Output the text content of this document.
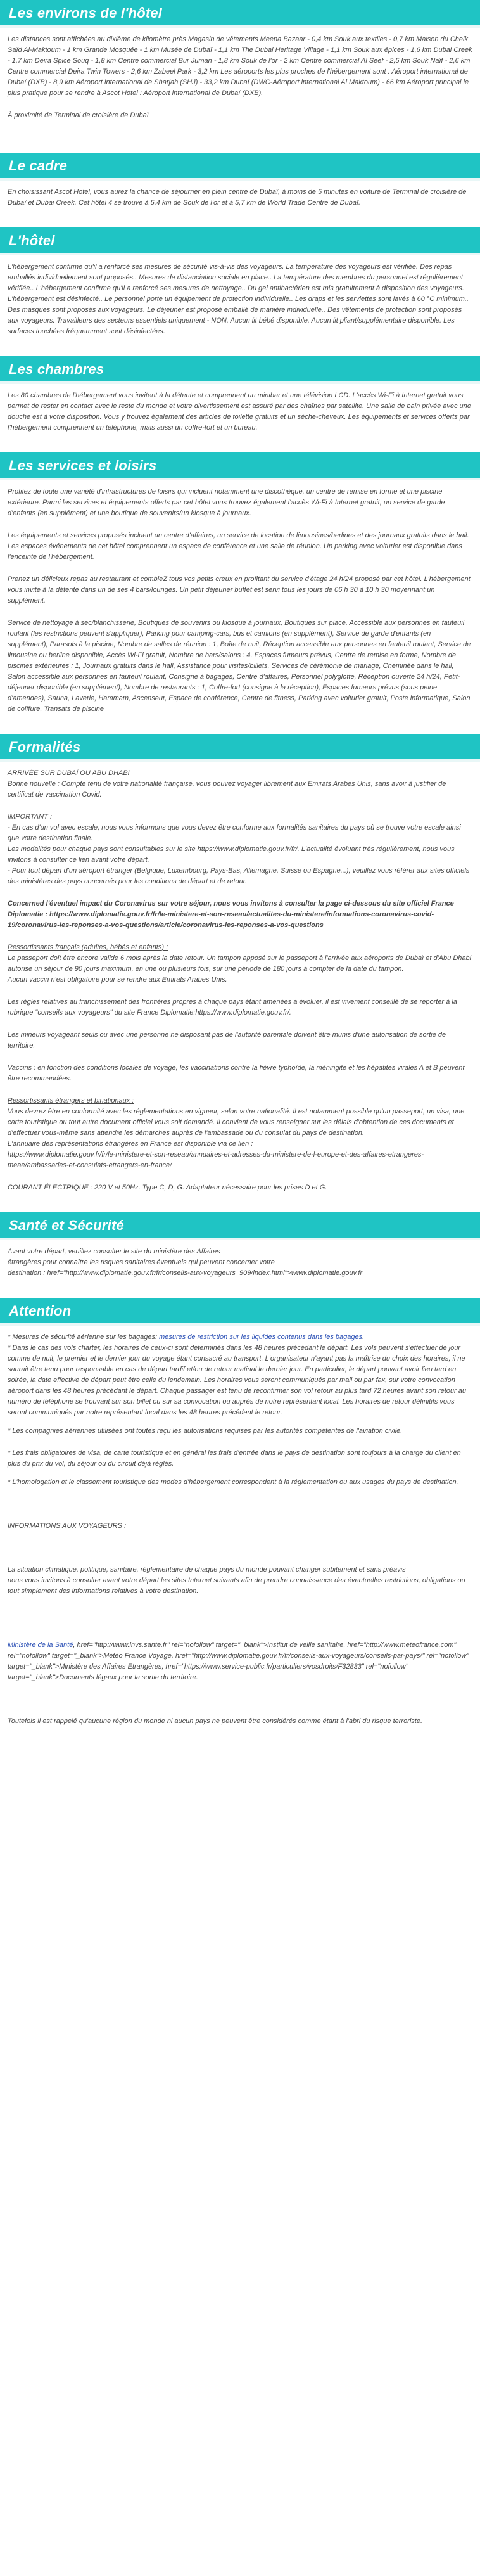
Les environs de l'hôtel

Les distances sont affichées au dixième de kilomètre près Magasin de vêtements Meena Bazaar - 0,4 km Souk aux textiles - 0,7 km Maison du Cheik Saïd Al-Maktoum - 1 km Grande Mosquée - 1 km Musée de Dubaï - 1,1 km The Dubai Heritage Village - 1,1 km Souk aux épices - 1,6 km Dubai Creek - 1,7 km Deira Spice Souq - 1,8 km Centre commercial Bur Juman - 1,8 km Souk de l'or - 2 km Centre commercial Al Seef - 2,5 km Souk Naïf - 2,6 km Centre commercial Deira Twin Towers - 2,6 km Zabeel Park - 3,2 km Les aéroports les plus proches de l'hébergement sont : Aéroport international de Dubaï (DXB) - 8,9 km Aéroport international de Sharjah (SHJ) - 33,2 km Dubaï (DWC-Aéroport international Al Maktoum) - 66 km Aéroport principal le plus pratique pour se rendre à Ascot Hotel : Aéroport international de Dubaï (DXB).

À proximité de Terminal de croisière de Dubaï

Le cadre

En choisissant Ascot Hotel, vous aurez la chance de séjourner en plein centre de Dubaï, à moins de 5 minutes en voiture de Terminal de croisière de Dubaï et Dubai Creek. Cet hôtel 4 se trouve à 5,4 km de Souk de l'or et à 5,7 km de World Trade Centre de Dubaï.

L'hôtel

L'hébergement confirme qu'il a renforcé ses mesures de sécurité vis-à-vis des voyageurs. La température des voyageurs est vérifiée. Des repas emballés individuellement sont proposés.. Mesures de distanciation sociale en place.. La température des membres du personnel est régulièrement vérifiée.. L'hébergement confirme qu'il a renforcé ses mesures de nettoyage.. Du gel antibactérien est mis gratuitement à disposition des voyageurs. L'hébergement est désinfecté.. Le personnel porte un équipement de protection individuelle.. Les draps et les serviettes sont lavés à 60 °C minimum.. Des masques sont proposés aux voyageurs. Le déjeuner est proposé emballé de manière individuelle.. Des vêtements de protection sont proposés aux voyageurs. Travailleurs des secteurs essentiels uniquement - NON. Aucun lit bébé disponible. Aucun lit pliant/supplémentaire disponible. Les surfaces touchées fréquemment sont désinfectées.

Les chambres

Les 80 chambres de l'hébergement vous invitent à la détente et comprennent un minibar et une télévision LCD. L'accès Wi-Fi à Internet gratuit vous permet de rester en contact avec le reste du monde et votre divertissement est assuré par des chaînes par satellite. Une salle de bain privée avec une douche est à votre disposition. Vous y trouvez également des articles de toilette gratuits et un sèche-cheveux. Les équipements et services offerts par l'hébergement comprennent un téléphone, mais aussi un coffre-fort et un bureau.

Les services et loisirs

Profitez de toute une variété d'infrastructures de loisirs qui incluent notamment une discothèque, un centre de remise en forme et une piscine extérieure. Parmi les services et équipements offerts par cet hôtel vous trouvez également l'accès Wi-Fi à Internet gratuit, un service de garde d'enfants (en supplément) et une boutique de souvenirs/un kiosque à journaux.

Les équipements et services proposés incluent un centre d'affaires, un service de location de limousines/berlines et des journaux gratuits dans le hall. Les espaces événements de cet hôtel comprennent un espace de conférence et une salle de réunion. Un parking avec voiturier est disponible dans l'enceinte de l'hébergement.

Prenez un délicieux repas au restaurant et combleZ tous vos petits creux en profitant du service d'étage 24 h/24 proposé par cet hôtel. L'hébergement vous invite à la détente dans un de ses 4 bars/lounges. Un petit déjeuner buffet est servi tous les jours de 06 h 30 à 10 h 30 moyennant un supplément.

Service de nettoyage à sec/blanchisserie, Boutiques de souvenirs ou kiosque à journaux, Boutiques sur place, Accessible aux personnes en fauteuil roulant (les restrictions peuvent s'appliquer), Parking pour camping-cars, bus et camions (en supplément), Service de garde d'enfants (en supplément), Parasols à la piscine, Nombre de salles de réunion : 1, Boîte de nuit, Réception accessible aux personnes en fauteuil roulant, Service de limousine ou berline disponible, Accès Wi-Fi gratuit, Nombre de bars/salons : 4, Espaces fumeurs prévus, Centre de remise en forme, Nombre de piscines extérieures : 1, Journaux gratuits dans le hall, Assistance pour visites/billets, Services de cérémonie de mariage, Cheminée dans le hall, Salon accessible aux personnes en fauteuil roulant, Consigne à bagages, Centre d'affaires, Personnel polyglotte, Réception ouverte 24 h/24, Petit-déjeuner disponible (en supplément), Nombre de restaurants : 1, Coffre-fort (consigne à la réception), Espaces fumeurs prévus (sous peine d'amendes), Sauna, Laverie, Hammam, Ascenseur, Espace de conférence, Centre de fitness, Parking avec voiturier gratuit, Poste informatique, Salon de coiffure, Transats de piscine

Formalités

ARRIVÉE SUR DUBAÏ OU ABU DHABI

Bonne nouvelle : Compte tenu de votre nationalité française, vous pouvez voyager librement aux Emirats Arabes Unis, sans avoir à justifier de certificat de vaccination Covid.

IMPORTANT :

- En cas d'un vol avec escale, nous vous informons que vous devez être conforme aux formalités sanitaires du pays où se trouve votre escale ainsi que votre destination finale.

Les modalités pour chaque pays sont consultables sur le site https://www.diplomatie.gouv.fr/fr/. L'actualité évoluant très régulièrement, nous vous invitons à consulter ce lien avant votre départ.

- Pour tout départ d'un aéroport étranger (Belgique, Luxembourg, Pays-Bas, Allemagne, Suisse ou Espagne...), veuillez vous référer aux sites officiels des ministères des pays concernés pour les conditions de départ et de retour.

Concerned l'éventuel impact du Coronavirus sur votre séjour, nous vous invitons à consulter la page ci-dessous du site officiel France Diplomatie : https://www.diplomatie.gouv.fr/fr/le-ministere-et-son-reseau/actualites-du-ministere/informations-coronavirus-covid-19/coronavirus-les-reponses-a-vos-questions/article/coronavirus-les-reponses-a-vos-questions

Ressortissants français (adultes, bébés et enfants) :

Le passeport doit être encore valide 6 mois après la date retour. Un tampon apposé sur le passeport à l'arrivée aux aéroports de Dubaï et d'Abu Dhabi autorise un séjour de 90 jours maximum, en une ou plusieurs fois, sur une période de 180 jours à compter de la date du tampon.
Aucun vaccin n'est obligatoire pour se rendre aux Emirats Arabes Unis.

Les règles relatives au franchissement des frontières propres à chaque pays étant amenées à évoluer, il est vivement conseillé de se reporter à la rubrique "conseils aux voyageurs" du site France Diplomatie:https://www.diplomatie.gouv.fr/.

Les mineurs voyageant seuls ou avec une personne ne disposant pas de l'autorité parentale doivent être munis d'une autorisation de sortie de territoire.

Vaccins : en fonction des conditions locales de voyage, les vaccinations contre la fièvre typhoïde, la méningite et les hépatites virales A et B peuvent être recommandées.

Ressortissants étrangers et binationaux :

Vous devrez être en conformité avec les réglementations en vigueur, selon votre nationalité. Il est notamment possible qu'un passeport, un visa, une carte touristique ou tout autre document officiel vous soit demandé. Il convient de vous renseigner sur les délais d'obtention de ces documents et d'effectuer vous-même sans attendre les démarches auprès de l'ambassade ou du consulat du pays de destination.
L'annuaire des représentations étrangères en France est disponible via ce lien :
https://www.diplomatie.gouv.fr/fr/le-ministere-et-son-reseau/annuaires-et-adresses-du-ministere-de-l-europe-et-des-affaires-etrangeres-meae/ambassades-et-consulats-etrangers-en-france/

COURANT ÉLECTRIQUE : 220 V et 50Hz. Type C, D, G. Adaptateur nécessaire pour les prises D et G.

Santé et Sécurité

Avant votre départ, veuillez consulter le site du ministère des Affaires
étrangères pour connaître les risques sanitaires éventuels qui peuvent concerner votre
destination : href="http://www.diplomatie.gouv.fr/fr/conseils-aux-voyageurs_909/index.html">www.diplomatie.gouv.fr

Attention

* Mesures de sécurité aérienne sur les bagages: mesures de restriction sur les liquides contenus dans les bagages.

* Dans le cas des vols charter, les horaires de ceux-ci sont déterminés dans les 48 heures précédant le départ. Les vols peuvent s'effectuer de jour comme de nuit, le premier et le dernier jour du voyage étant consacré au transport. L'organisateur n'ayant pas la maîtrise du choix des horaires, il ne saurait être tenu pour responsable en cas de départ tardif et/ou de retour matinal le dernier jour. En particulier, le départ pouvant avoir lieu tard en soirée, la date effective de départ peut être celle du lendemain. Les horaires vous seront communiqués par mail ou par fax, sur votre convocation aéroport dans les 48 heures précédant le départ. Chaque passager est tenu de reconfirmer son vol retour au plus tard 72 heures avant son retour au numéro de téléphone se trouvant sur son billet ou sur sa convocation ou auprès de notre représentant local. Les horaires de retour définitifs vous seront communiqués par notre représentant local dans les 48 heures précédent le retour.

* Les compagnies aériennes utilisées ont toutes reçu les autorisations requises par les autorités compétentes de l'aviation civile.

* Les frais obligatoires de visa, de carte touristique et en général les frais d'entrée dans le pays de destination sont toujours à la charge du client en plus du prix du vol, du séjour ou du circuit déjà réglés.

* L'homologation et le classement touristique des modes d'hébergement correspondent à la réglementation ou aux usages du pays de destination.

INFORMATIONS AUX VOYAGEURS :

La situation climatique, politique, sanitaire, réglementaire de chaque pays du monde pouvant changer subitement et sans préavis
nous vous invitons à consulter avant votre départ les sites Internet suivants afin de prendre connaissance des éventuelles restrictions, obligations ou tout simplement des informations relatives à votre destination.

Ministère de la Santé, href="http://www.invs.sante.fr" rel="nofollow" target="_blank">Institut de veille sanitaire, href="http://www.meteofrance.com" rel="nofollow" target="_blank">Météo France Voyage, href="http://www.diplomatie.gouv.fr/fr/conseils-aux-voyageurs/conseils-par-pays/" rel="nofollow" target="_blank">Ministère des Affaires Etrangères, href="https://www.service-public.fr/particuliers/vosdroits/F32833" rel="nofollow" target="_blank">Documents légaux pour la sortie du territoire.

Toutefois il est rappelé qu'aucune région du monde ni aucun pays ne peuvent être considérés comme étant à l'abri du risque terroriste.
